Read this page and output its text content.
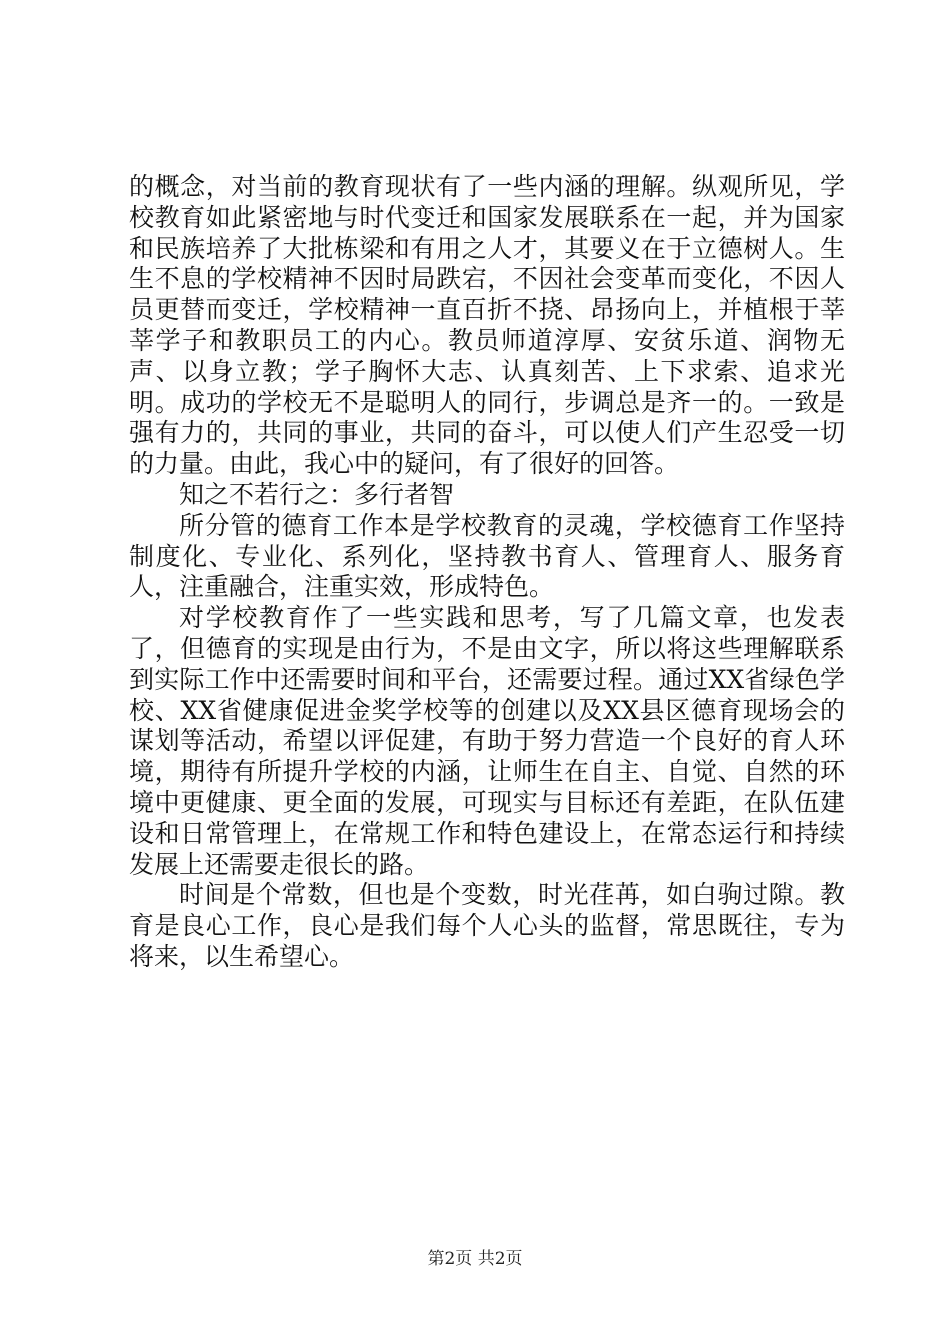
的概念，对当前的教育现状有了一些内涵的理解。纵观所见，学校教育如此紧密地与时代变迁和国家发展联系在一起，并为国家和民族培养了大批栋梁和有用之人才，其要义在于立德树人。生生不息的学校精神不因时局跌宕，不因社会变革而变化，不因人员更替而变迁，学校精神一直百折不挠、昂扬向上，并植根于莘莘学子和教职员工的内心。教员师道淳厚、安贫乐道、润物无声、以身立教；学子胸怀大志、认真刻苦、上下求索、追求光明。成功的学校无不是聪明人的同行，步调总是齐一的。一致是强有力的，共同的事业，共同的奋斗，可以使人们产生忍受一切的力量。由此，我心中的疑问，有了很好的回答。

知之不若行之：多行者智

所分管的德育工作本是学校教育的灵魂，学校德育工作坚持制度化、专业化、系列化，坚持教书育人、管理育人、服务育人，注重融合，注重实效，形成特色。

对学校教育作了一些实践和思考，写了几篇文章，也发表了，但德育的实现是由行为，不是由文字，所以将这些理解联系到实际工作中还需要时间和平台，还需要过程。通过XX省绿色学校、XX省健康促进金奖学校等的创建以及XX县区德育现场会的谋划等活动，希望以评促建，有助于努力营造一个良好的育人环境，期待有所提升学校的内涵，让师生在自主、自觉、自然的环境中更健康、更全面的发展，可现实与目标还有差距，在队伍建设和日常管理上，在常规工作和特色建设上，在常态运行和持续发展上还需要走很长的路。

时间是个常数，但也是个变数，时光荏苒，如白驹过隙。教育是良心工作，良心是我们每个人心头的监督，常思既往，专为将来，以生希望心。

第2页 共2页
